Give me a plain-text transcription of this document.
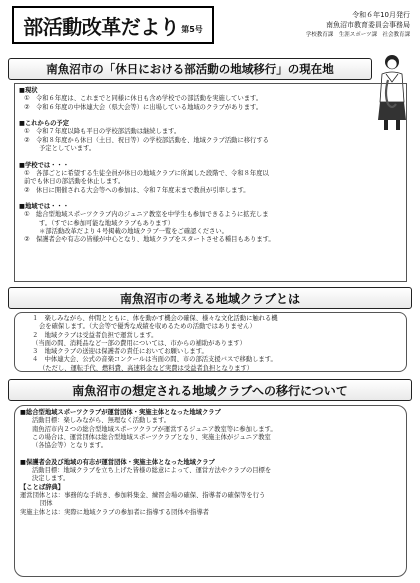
部活動改革だより 第5号
令和６年10月発行
南魚沼市教育委員会事務局
学校教育課　生涯スポーツ課　社会教育課
南魚沼市の「休日における部活動の地域移行」の現在地
■現状
①　令和６年度は、これまでと同様に休日も含め学校での部活動を実施しています。
②　令和６年度の中体連大会（県大会等）に出場している地域のクラブがあります。
■これからの予定
①　令和７年度以降も平日の学校部活動は継続します。
②　令和８年度から休日（土日、祝日等）の学校部活動を、地域クラブ活動に移行する
予定としています。
■学校では・・・
①　各部ごとに希望する生徒全員が休日の地域クラブに所属した段階で、令和８年度以
前でも休日の部活動を休止します。
②　休日に開催される大会等への参加は、令和７年度末まで教員が引率します。
■地域では・・・
①　総合型地域スポーツクラブ内のジュニア教室を中学生も参加できるように拡充しま
す。（すでに参加可能な地域クラブもあります）
＊部活動改革だより４号掲載の地域クラブ一覧をご確認ください。
②　保護者会や有志の皆様が中心となり、地域クラブをスタートさせる種目もあります。
南魚沼市の考える地域クラブとは
１　楽しみながら、仲間とともに、体を動かす機会の確保、様々な文化活動に触れる機
会を確保します。（大会等で優秀な成績を収めるための活動ではありません）
２　地域クラブは受益者負担で運営します。
（当面の間、消耗品など一部の費用については、市からの補助があります）
３　地域クラブの送迎は保護者の責任においてお願いします。
４　中体連大会、公式の音楽コンクールは当面の間、市の部活支援バスで移動します。
（ただし、運転手代、燃料費、高速料金など実費は受益者負担となります）
南魚沼市の想定される地域クラブへの移行について
■総合型地域スポーツクラブが運営団体・実施主体となった地域クラブ
活動目標：楽しみながら、無理なく活動します。
南魚沼市内２つの総合型地域スポーツクラブが運営するジュニア教室等に参加します。
この場合は、運営団体は総合型地域スポーツクラブとなり、実施主体がジュニア教室
（各協会等）となります。
■保護者会及び地域の有志が運営団体・実施主体となった地域クラブ
活動目標：地域クラブを立ち上げた皆様の総意によって、運営方法やクラブの目標を
決定します。
【ことば辞典】
運営団体とは：事務的な手続き、参加料集金、練習会場の確保、指導者の確保等を行う
団体
実施主体とは：実際に地域クラブの参加者に指導する団体や指導者
